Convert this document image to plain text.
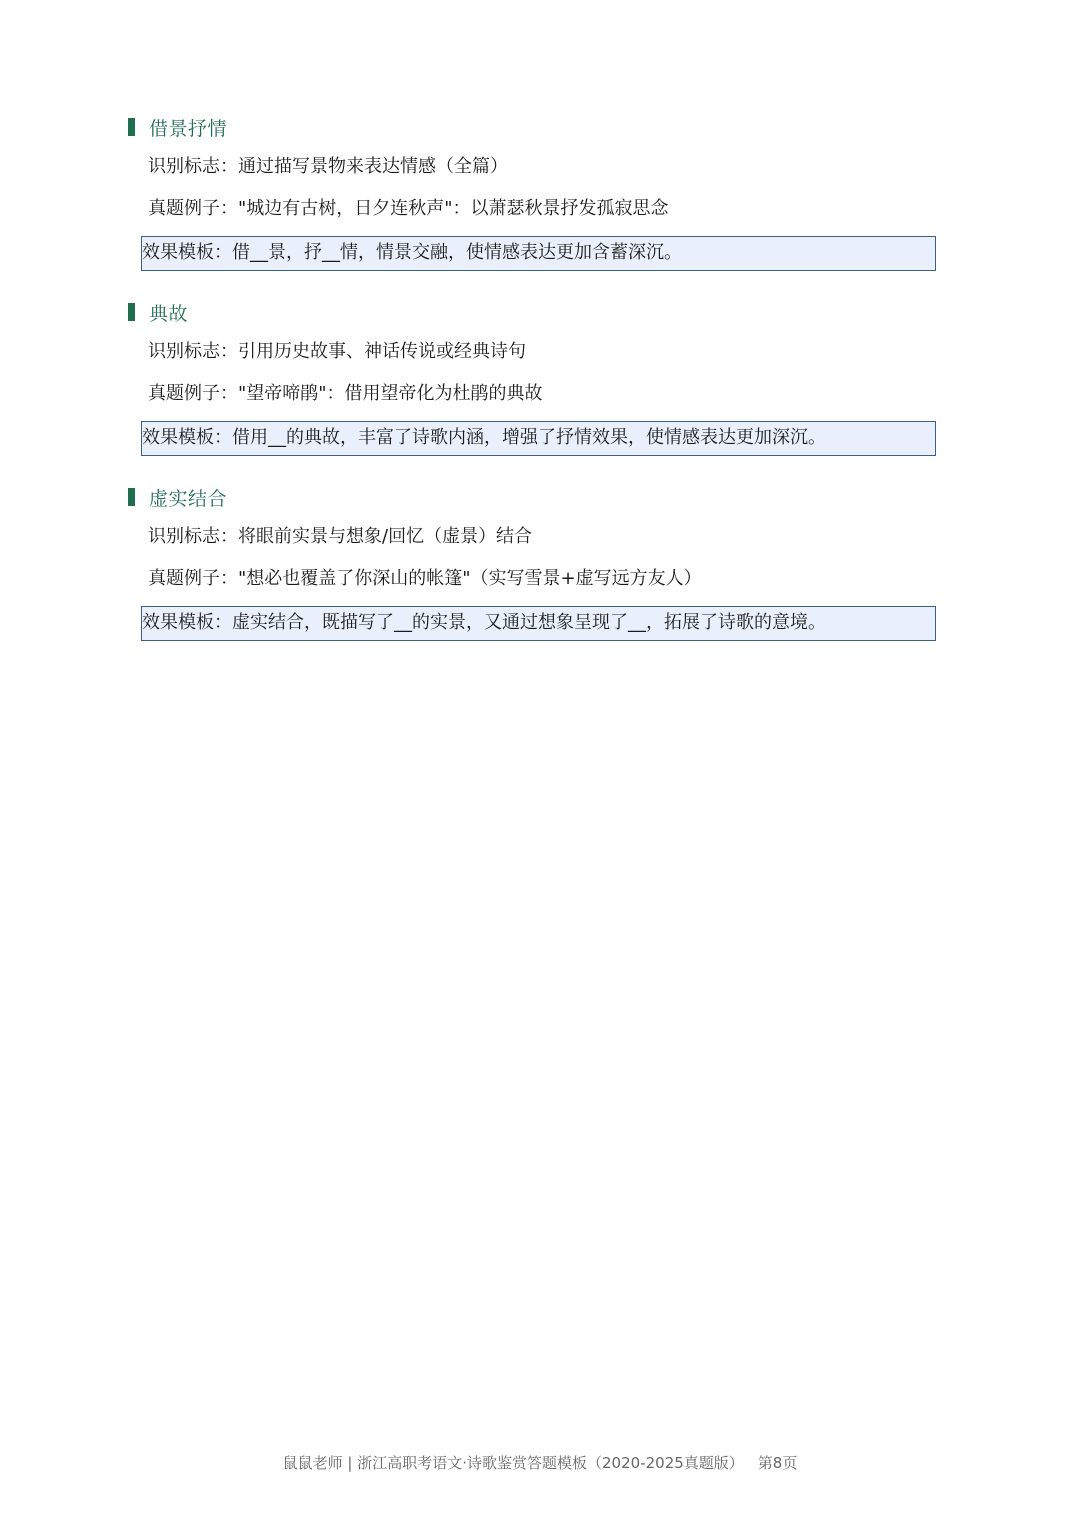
借景抒情
识别标志：通过描写景物来表达情感（全篇）
真题例子："城边有古树，日夕连秋声"：以萧瑟秋景抒发孤寂思念
效果模板：借__景，抒__情，情景交融，使情感表达更加含蓄深沉。
典故
识别标志：引用历史故事、神话传说或经典诗句
真题例子："望帝啼鹃"：借用望帝化为杜鹃的典故
效果模板：借用__的典故，丰富了诗歌内涵，增强了抒情效果，使情感表达更加深沉。
虚实结合
识别标志：将眼前实景与想象/回忆（虚景）结合
真题例子："想必也覆盖了你深山的帐篷"（实写雪景+虚写远方友人）
效果模板：虚实结合，既描写了__的实景，又通过想象呈现了__，拓展了诗歌的意境。
鼠鼠老师 | 浙江高职考语文·诗歌鉴赏答题模板（2020-2025真题版） 第8页
